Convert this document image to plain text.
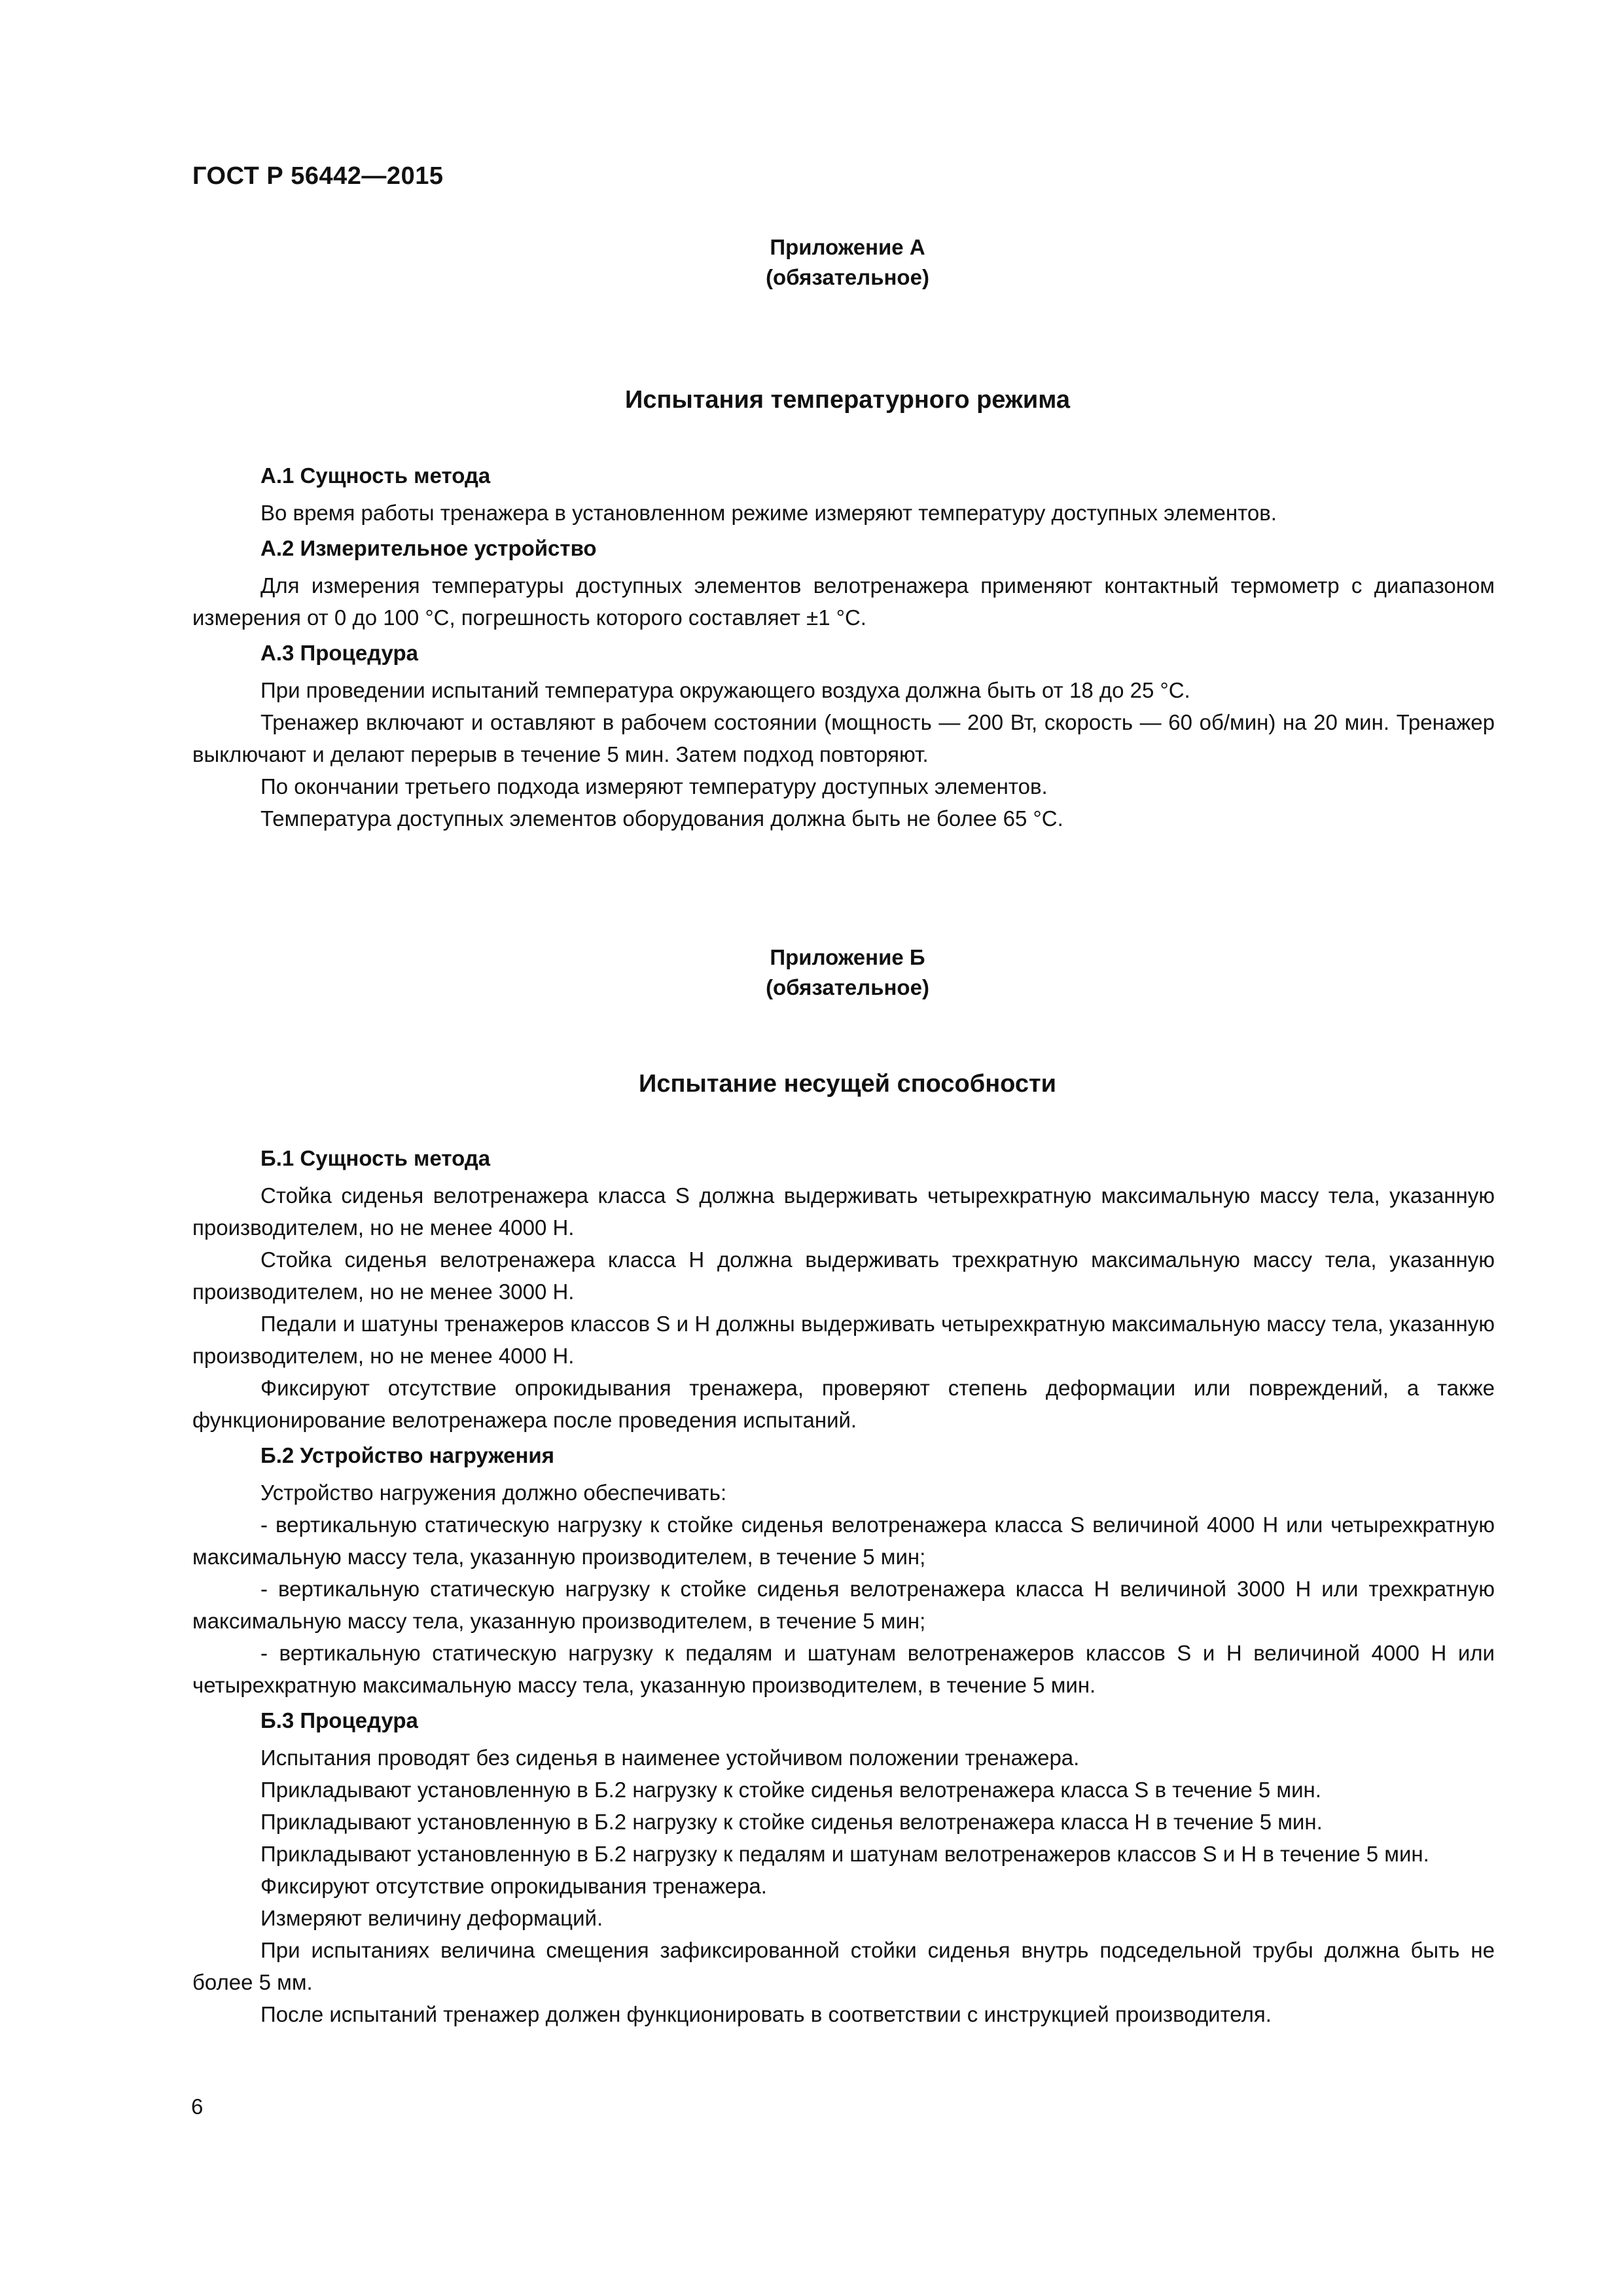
ГОСТ Р 56442—2015
Приложение А
(обязательное)
Испытания температурного режима
А.1 Сущность метода

Во время работы тренажера в установленном режиме измеряют температуру доступных элементов.

А.2 Измерительное устройство

Для измерения температуры доступных элементов велотренажера применяют контактный термометр с диапазоном измерения от 0 до 100 °С, погрешность которого составляет ±1 °С.

А.3 Процедура

При проведении испытаний температура окружающего воздуха должна быть от 18 до 25 °С.

Тренажер включают и оставляют в рабочем состоянии (мощность — 200 Вт, скорость — 60 об/мин) на 20 мин. Тренажер выключают и делают перерыв в течение 5 мин. Затем подход повторяют.

По окончании третьего подхода измеряют температуру доступных элементов.

Температура доступных элементов оборудования должна быть не более 65 °С.

Приложение Б
(обязательное)
Испытание несущей способности
Б.1 Сущность метода

Стойка сиденья велотренажера класса S должна выдерживать четырехкратную максимальную массу тела, указанную производителем, но не менее 4000 Н.

Стойка сиденья велотренажера класса Н должна выдерживать трехкратную максимальную массу тела, указанную производителем, но не менее 3000 Н.

Педали и шатуны тренажеров классов S и Н должны выдерживать четырехкратную максимальную массу тела, указанную производителем, но не менее 4000 Н.

Фиксируют отсутствие опрокидывания тренажера, проверяют степень деформации или повреждений, а также функционирование велотренажера после проведения испытаний.

Б.2 Устройство нагружения

Устройство нагружения должно обеспечивать:

- вертикальную статическую нагрузку к стойке сиденья велотренажера класса S величиной 4000 Н или четырехкратную максимальную массу тела, указанную производителем, в течение 5 мин;

- вертикальную статическую нагрузку к стойке сиденья велотренажера класса Н величиной 3000 Н или трехкратную максимальную массу тела, указанную производителем, в течение 5 мин;

- вертикальную статическую нагрузку к педалям и шатунам велотренажеров классов S и Н величиной 4000 Н или четырехкратную максимальную массу тела, указанную производителем, в течение 5 мин.

Б.3 Процедура

Испытания проводят без сиденья в наименее устойчивом положении тренажера.

Прикладывают установленную в Б.2 нагрузку к стойке сиденья велотренажера класса S в течение 5 мин.

Прикладывают установленную в Б.2 нагрузку к стойке сиденья велотренажера класса Н в течение 5 мин.

Прикладывают установленную в Б.2 нагрузку к педалям и шатунам велотренажеров классов S и Н в течение 5 мин.

Фиксируют отсутствие опрокидывания тренажера.

Измеряют величину деформаций.

При испытаниях величина смещения зафиксированной стойки сиденья внутрь подседельной трубы должна быть не более 5 мм.

После испытаний тренажер должен функционировать в соответствии с инструкцией производителя.

6
